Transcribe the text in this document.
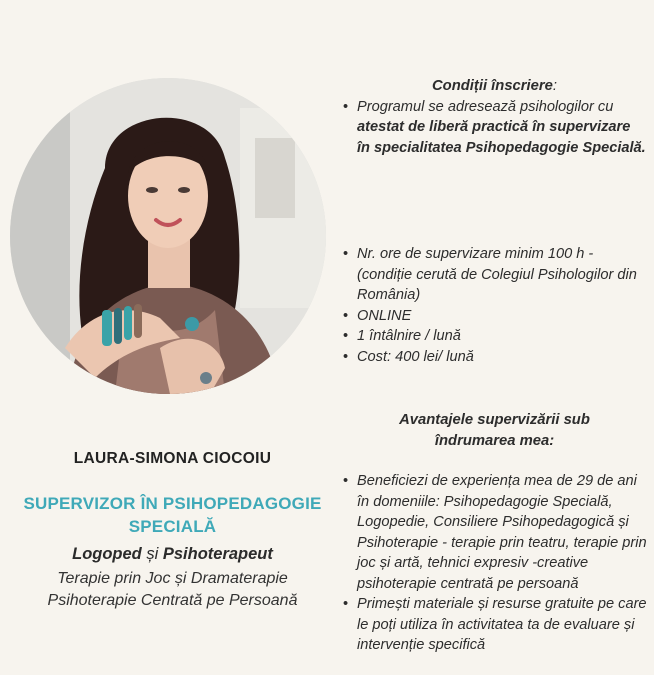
LAURA-SIMONA CIOCOIU
SUPERVIZOR ÎN PSIHOPEDAGOGIE
SPECIALĂ
Logoped și Psihoterapeut
Terapie prin Joc și Dramaterapie
Psihoterapie Centrată pe Persoană
Condiții înscriere:
• Programul se adresează psihologilor cu atestat de liberă practică în supervizare în specialitatea Psihopedagogie Specială.
• Nr. ore de supervizare minim 100 h - (condiție cerută de Colegiul Psihologilor din România)
• ONLINE
• 1 întâlnire / lună
• Cost: 400 lei/ lună
Avantajele supervizării sub îndrumarea mea:
• Beneficiezi de experiența mea de 29 de ani în domeniile: Psihopedagogie Specială, Logopedie, Consiliere Psihopedagogică și Psihoterapie - terapie prin teatru, terapie prin joc și artă, tehnici expresiv -creative psihoterapie centrată pe persoană
• Primești materiale și resurse gratuite pe care le poți utiliza în activitatea ta de evaluare și intervenție specifică
